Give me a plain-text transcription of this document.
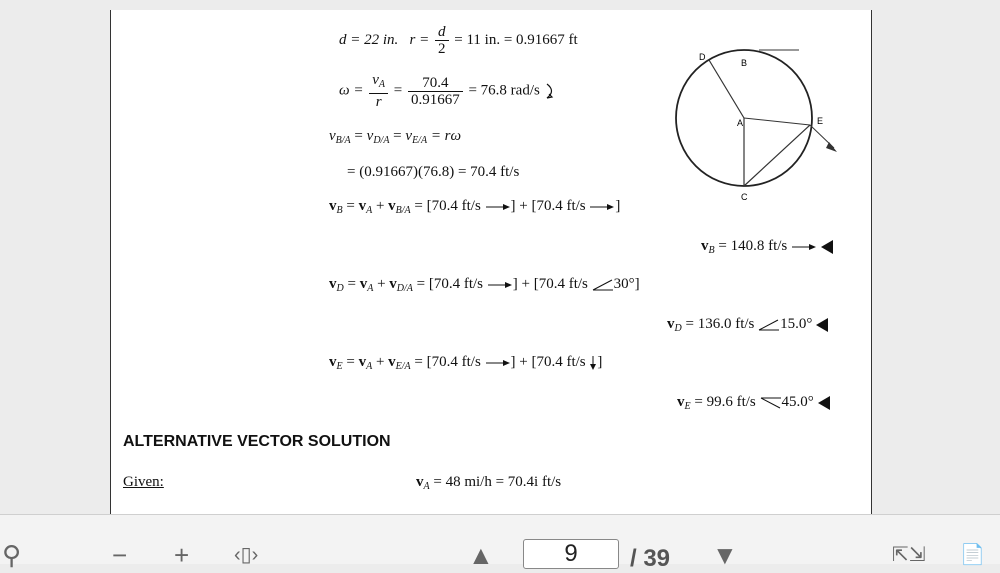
d = 22 in. $r = \frac{d}{2} = 11$ in. = 0.91667 ft
$\omega = \frac{v_A}{r} = \frac{70.4}{0.91667} = 76.8$ rad/s
$v_{B/A} = v_{D/A} = v_{E/A} = r\omega$
= (0.91667)(76.8) = 70.4 ft/s
$v_B = v_A + v_{B/A} = [70.4$ ft/s ] + [70.4 ft/s ]
$v_B = 140.8$ ft/s
$v_D = v_A + v_{D/A} = [70.4$ ft/s ] + [70.4 ft/s 30°]
$v_D = 136.0$ ft/s 15.0°
$v_E = v_A + v_{E/A} = [70.4$ ft/s ] + [70.4 ft/s ]
$v_E = 99.6$ ft/s 45.0°
ALTERNATIVE VECTOR SOLUTION
Given:	$v_A = 48$ mi/h = 70.4i ft/s
D
B
A	E
C
⚲	− + ‹▯›	▲
9	/ 39 ▼	⇱⇲ 📄
